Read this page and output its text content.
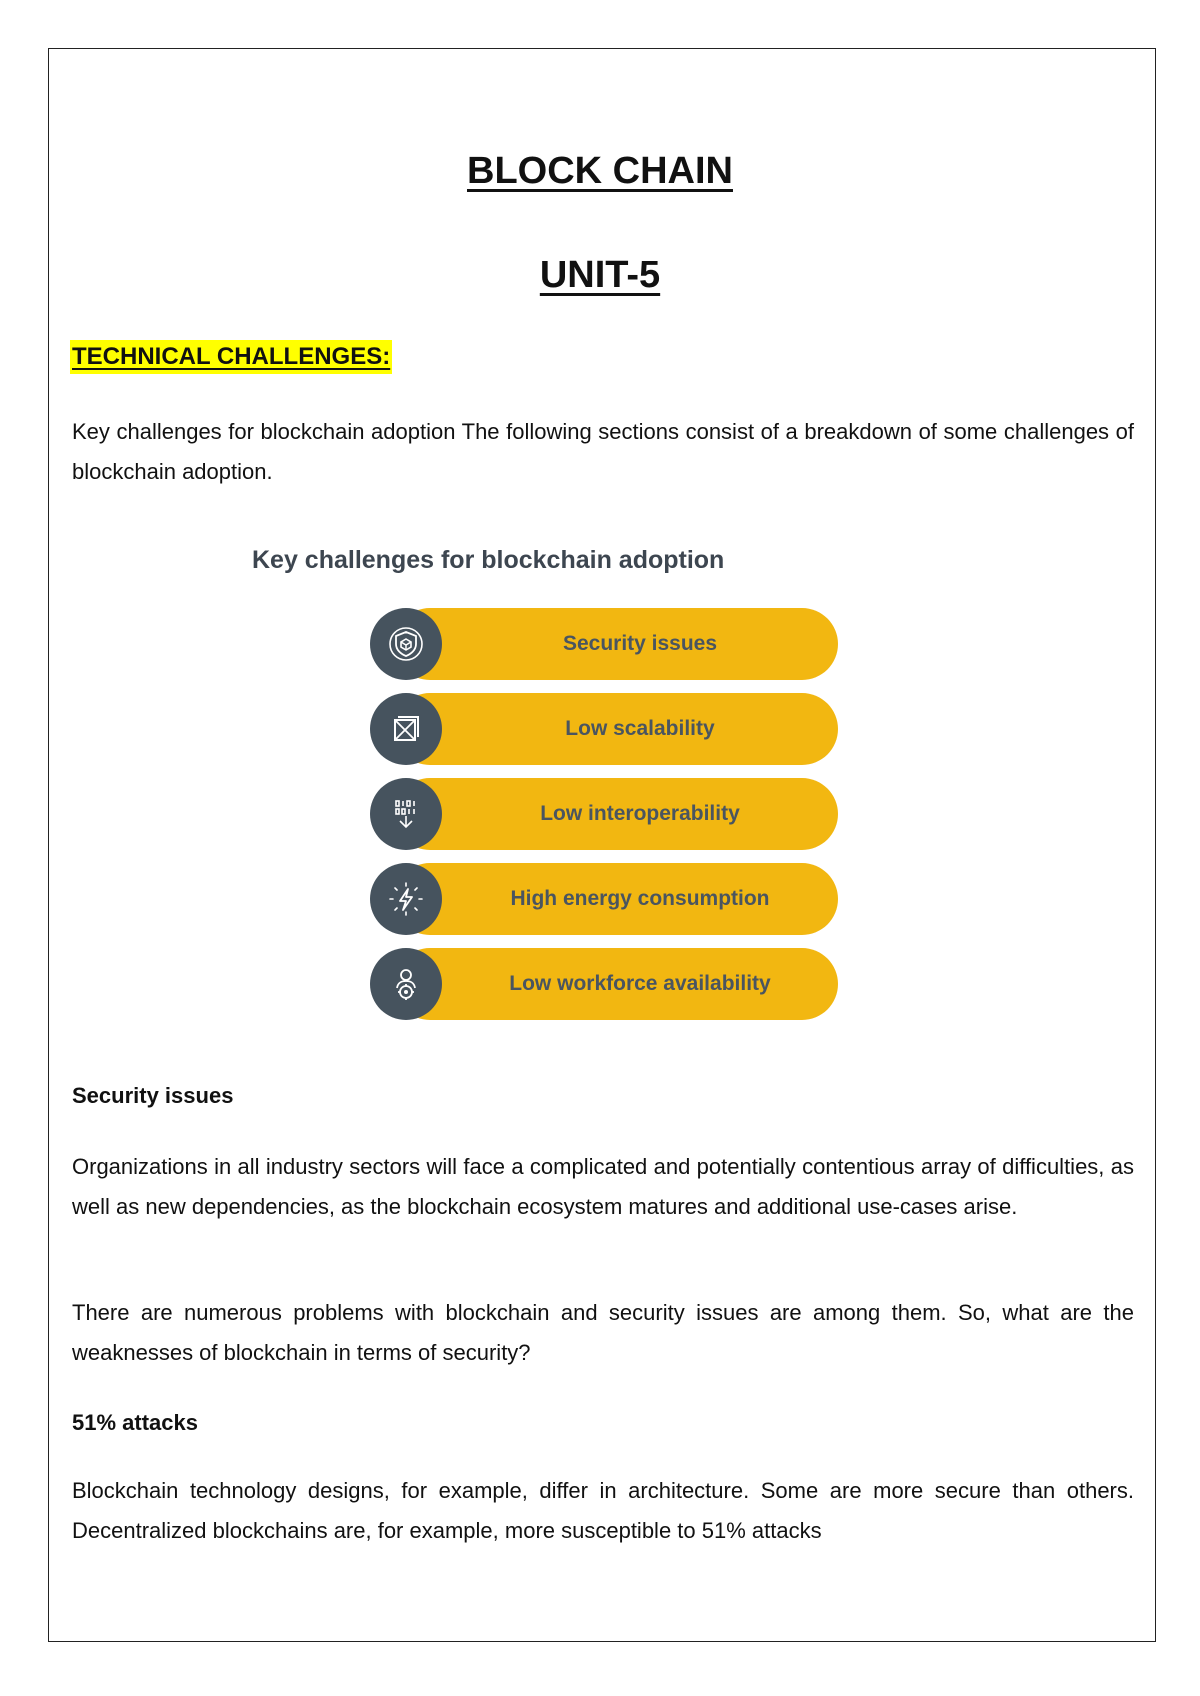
BLOCK CHAIN
UNIT-5
TECHNICAL CHALLENGES:

Key challenges for blockchain adoption The following sections consist of a breakdown of some challenges of blockchain adoption.

Key challenges for blockchain adoption

Security issues
Low scalability
Low interoperability
High energy consumption
Low workforce availability
Security issues

Organizations in all industry sectors will face a complicated and potentially contentious array of difficulties, as well as new dependencies, as the blockchain ecosystem matures and additional use-cases arise.

There are numerous problems with blockchain and security issues are among them. So, what are the weaknesses of blockchain in terms of security?

51% attacks

Blockchain technology designs, for example, differ in architecture. Some are more secure than others. Decentralized blockchains are, for example, more susceptible to 51% attacks
